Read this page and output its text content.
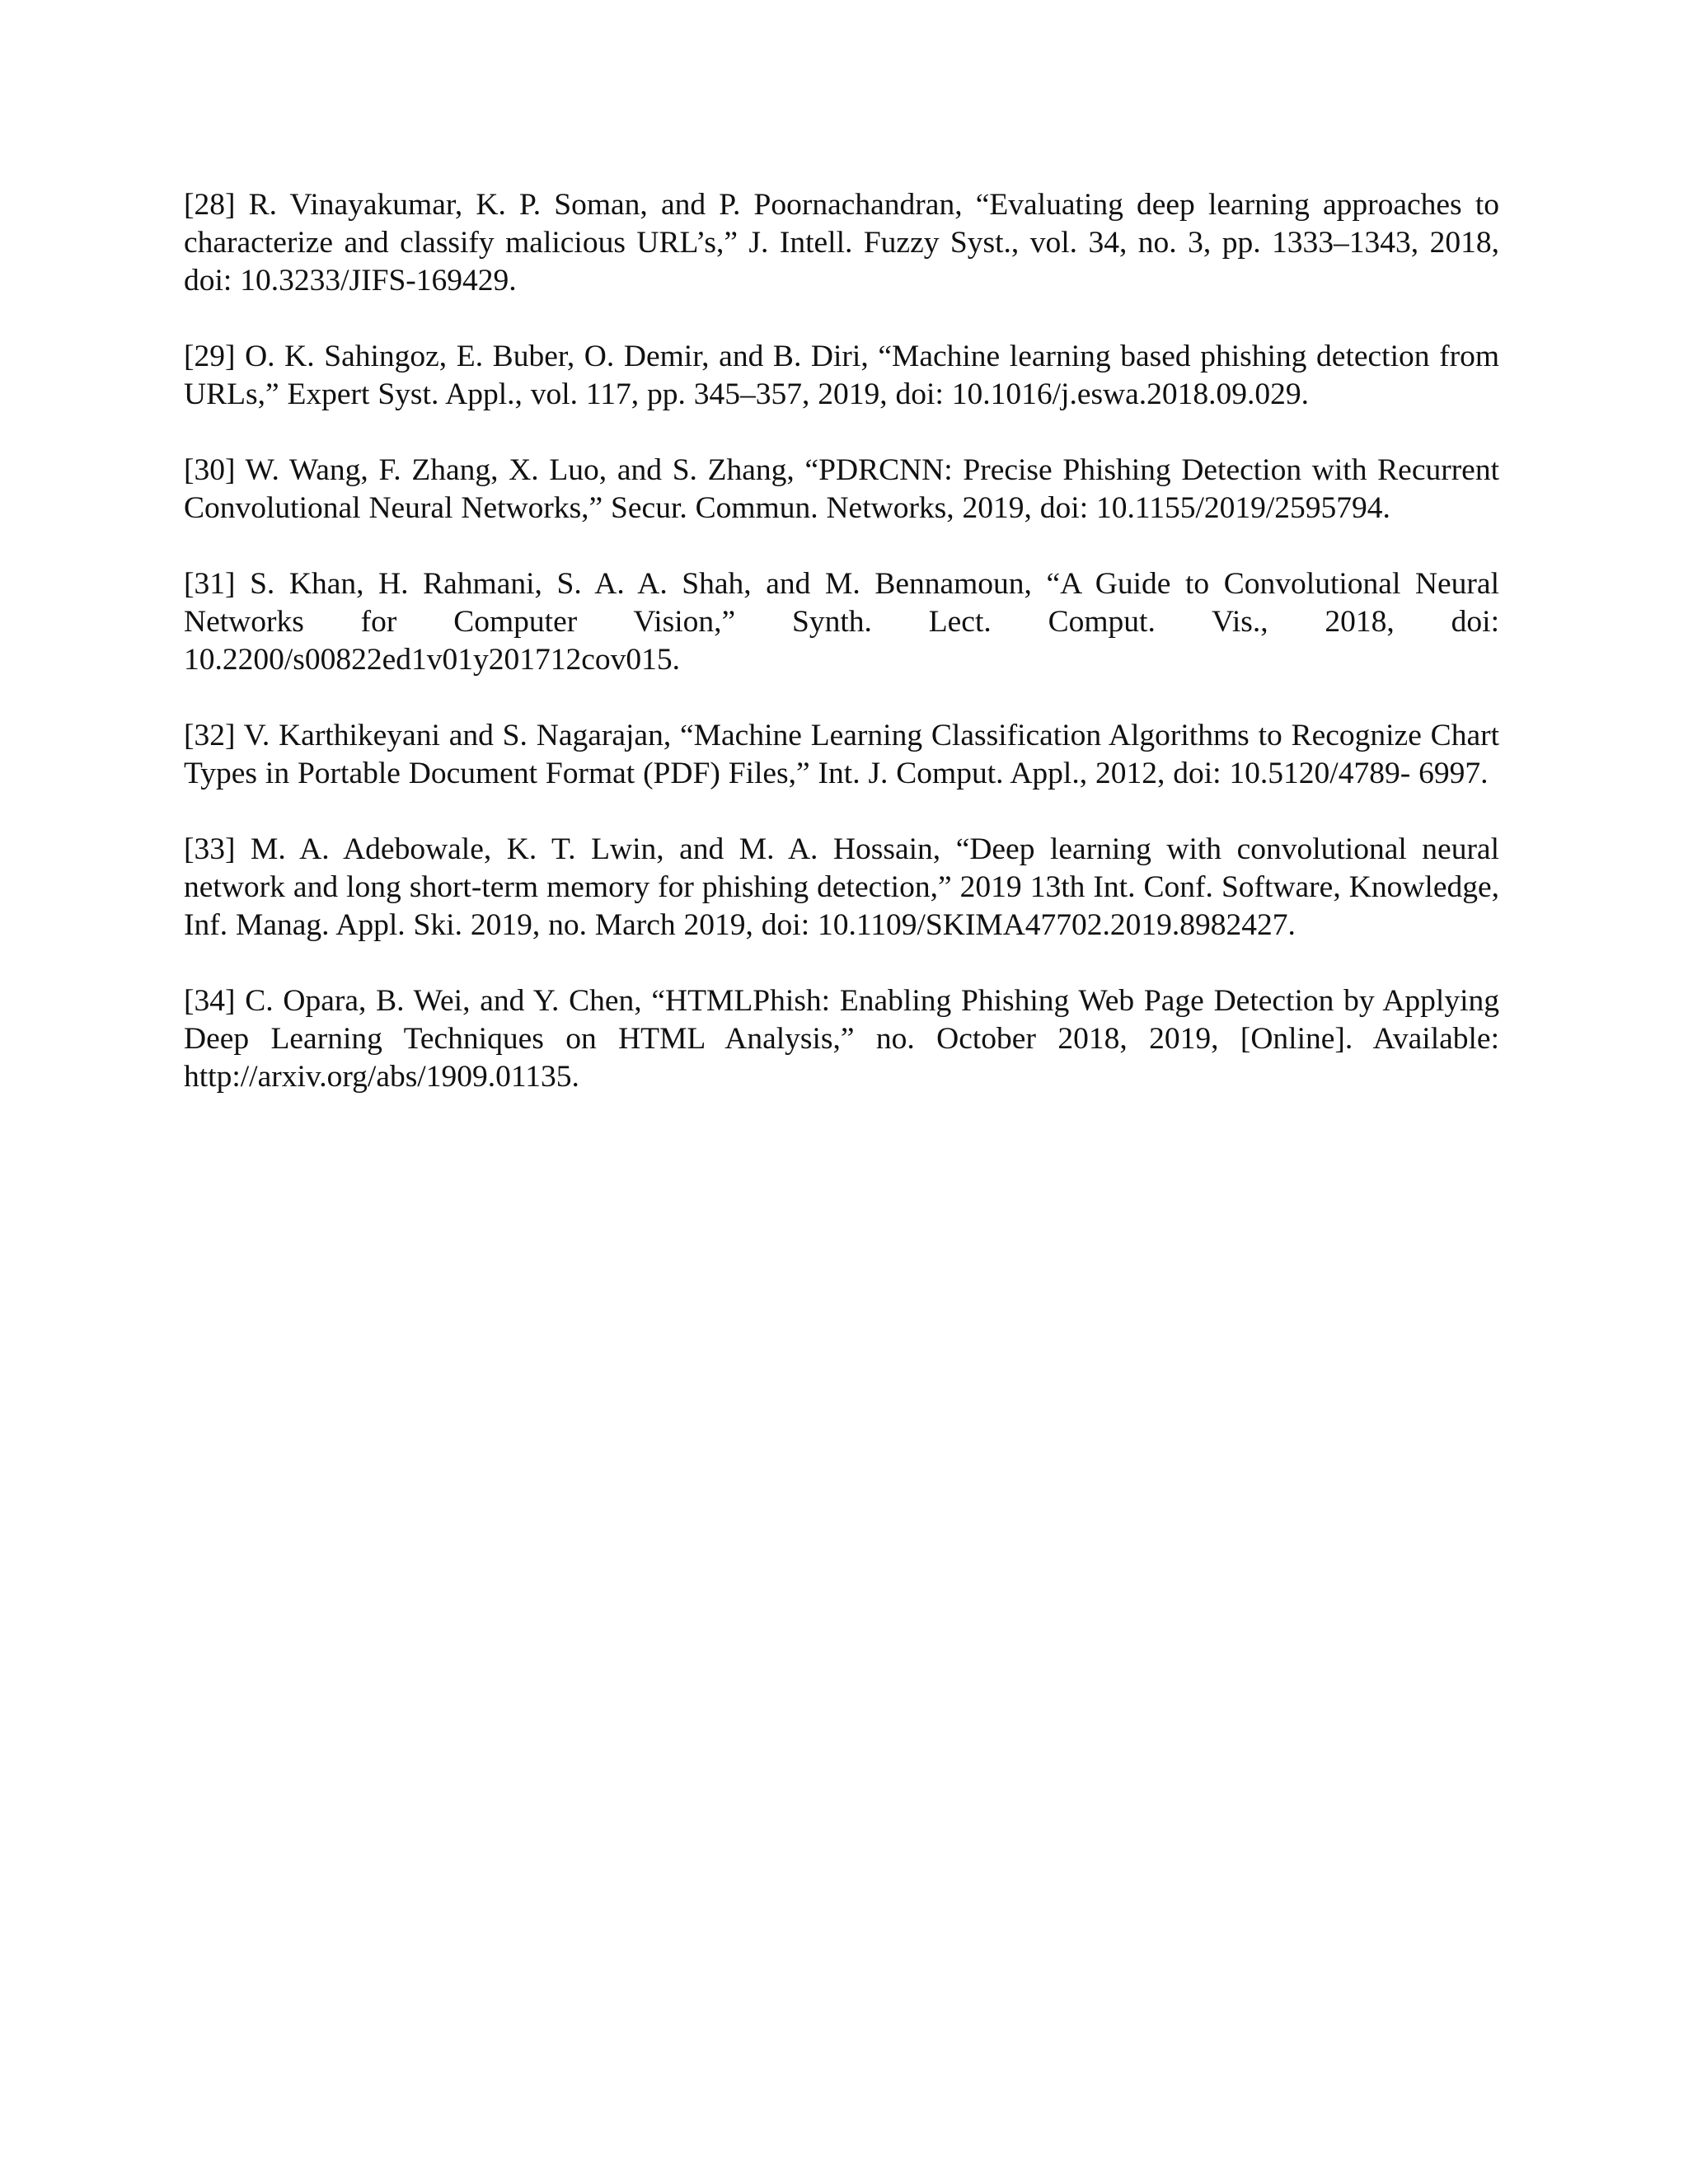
[28] R. Vinayakumar, K. P. Soman, and P. Poornachandran, “Evaluating deep learning approaches to characterize and classify malicious URL’s,” J. Intell. Fuzzy Syst., vol. 34, no. 3, pp. 1333–1343, 2018, doi: 10.3233/JIFS-169429.

[29] O. K. Sahingoz, E. Buber, O. Demir, and B. Diri, “Machine learning based phishing detection from URLs,” Expert Syst. Appl., vol. 117, pp. 345–357, 2019, doi: 10.1016/j.eswa.2018.09.029.

[30] W. Wang, F. Zhang, X. Luo, and S. Zhang, “PDRCNN: Precise Phishing Detection with Recurrent Convolutional Neural Networks,” Secur. Commun. Networks, 2019, doi: 10.1155/2019/2595794.

[31] S. Khan, H. Rahmani, S. A. A. Shah, and M. Bennamoun, “A Guide to Convolutional Neural Networks for Computer Vision,” Synth. Lect. Comput. Vis., 2018, doi: 10.2200/s00822ed1v01y201712cov015.

[32] V. Karthikeyani and S. Nagarajan, “Machine Learning Classification Algorithms to Recognize Chart Types in Portable Document Format (PDF) Files,” Int. J. Comput. Appl., 2012, doi: 10.5120/4789- 6997.

[33] M. A. Adebowale, K. T. Lwin, and M. A. Hossain, “Deep learning with convolutional neural network and long short-term memory for phishing detection,” 2019 13th Int. Conf. Software, Knowledge, Inf. Manag. Appl. Ski. 2019, no. March 2019, doi: 10.1109/SKIMA47702.2019.8982427.

[34] C. Opara, B. Wei, and Y. Chen, “HTMLPhish: Enabling Phishing Web Page Detection by Applying Deep Learning Techniques on HTML Analysis,” no. October 2018, 2019, [Online]. Available: http://arxiv.org/abs/1909.01135.
